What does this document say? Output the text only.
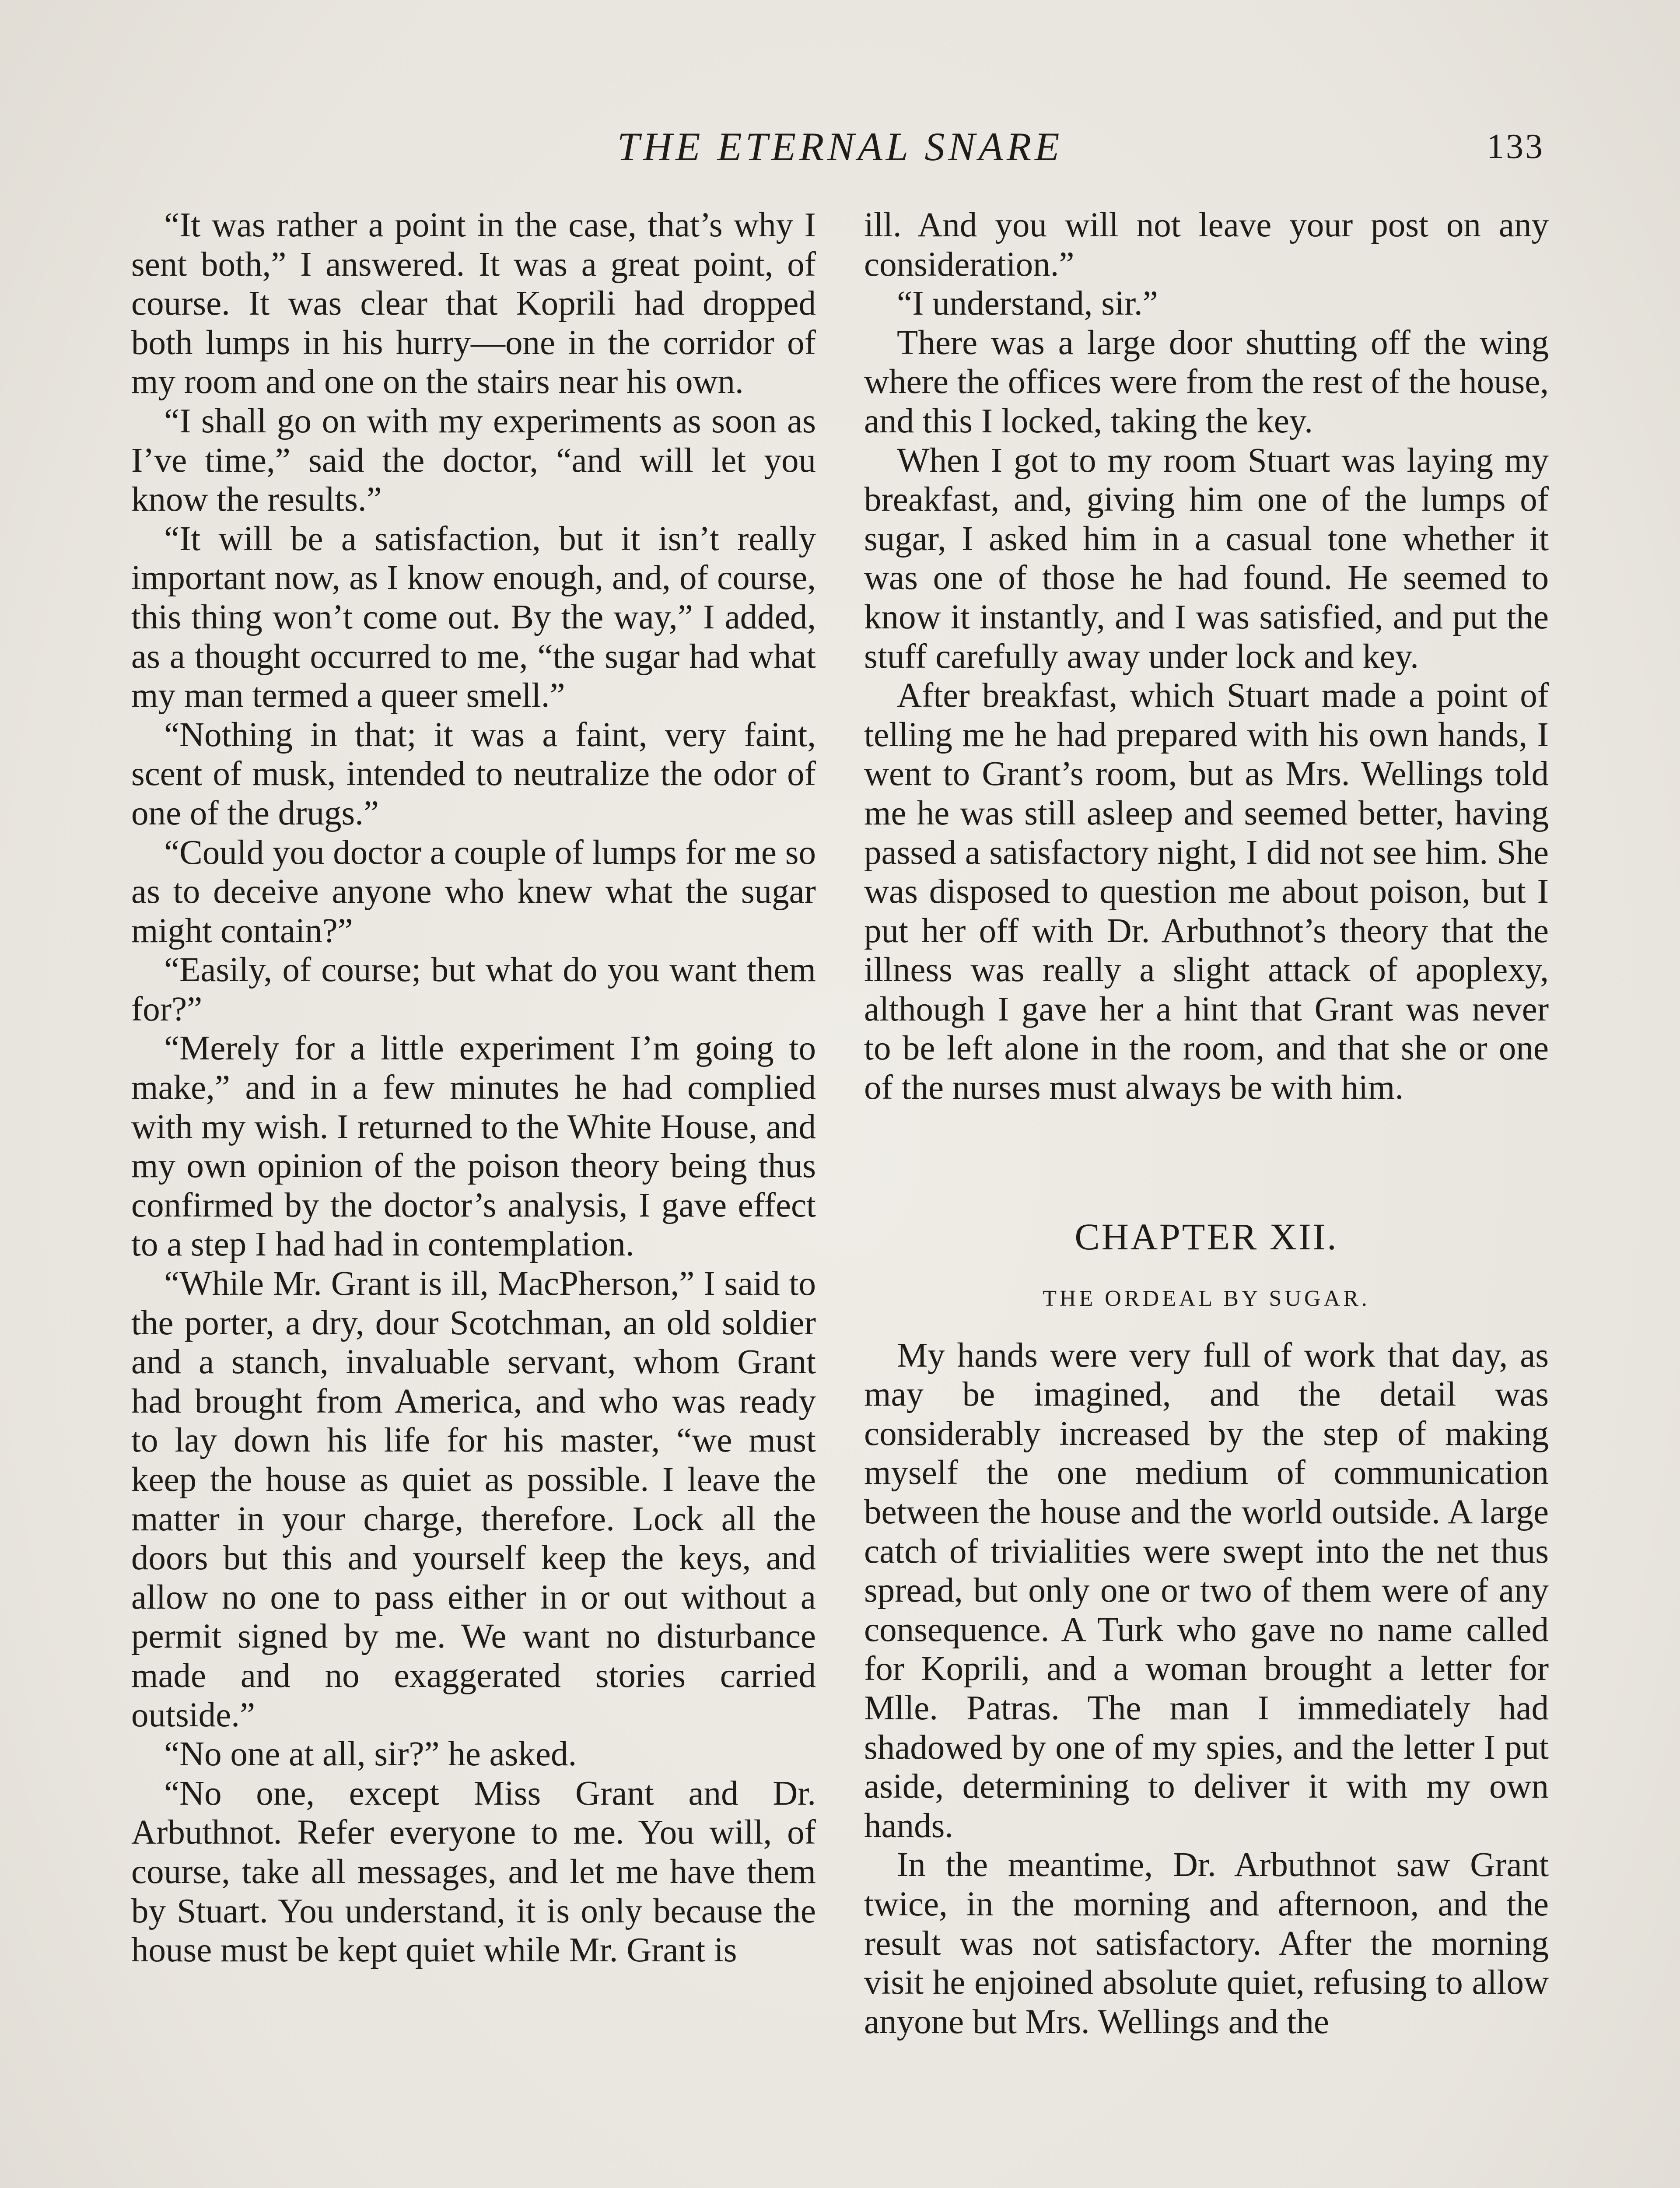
THE ETERNAL SNARE	133

“It was rather a point in the case, that’s why I sent both,” I answered. It was a great point, of course. It was clear that Koprili had dropped both lumps in his hurry—one in the corridor of my room and one on the stairs near his own.

“I shall go on with my experiments as soon as I’ve time,” said the doctor, “and will let you know the results.”

“It will be a satisfaction, but it isn’t really important now, as I know enough, and, of course, this thing won’t come out. By the way,” I added, as a thought occurred to me, “the sugar had what my man termed a queer smell.”

“Nothing in that; it was a faint, very faint, scent of musk, intended to neutralize the odor of one of the drugs.”

“Could you doctor a couple of lumps for me so as to deceive anyone who knew what the sugar might contain?”

“Easily, of course; but what do you want them for?”

“Merely for a little experiment I’m going to make,” and in a few minutes he had complied with my wish. I returned to the White House, and my own opinion of the poison theory being thus confirmed by the doctor’s analysis, I gave effect to a step I had had in contemplation.

“While Mr. Grant is ill, MacPherson,” I said to the porter, a dry, dour Scotchman, an old soldier and a stanch, invaluable servant, whom Grant had brought from America, and who was ready to lay down his life for his master, “we must keep the house as quiet as possible. I leave the matter in your charge, therefore. Lock all the doors but this and yourself keep the keys, and allow no one to pass either in or out without a permit signed by me. We want no disturbance made and no exaggerated stories carried outside.”

“No one at all, sir?” he asked.

“No one, except Miss Grant and Dr. Arbuthnot. Refer everyone to me. You will, of course, take all messages, and let me have them by Stuart. You understand, it is only because the house must be kept quiet while Mr. Grant is

ill. And you will not leave your post on any consideration.”

“I understand, sir.”

There was a large door shutting off the wing where the offices were from the rest of the house, and this I locked, taking the key.

When I got to my room Stuart was laying my breakfast, and, giving him one of the lumps of sugar, I asked him in a casual tone whether it was one of those he had found. He seemed to know it instantly, and I was satisfied, and put the stuff carefully away under lock and key.

After breakfast, which Stuart made a point of telling me he had prepared with his own hands, I went to Grant’s room, but as Mrs. Wellings told me he was still asleep and seemed better, having passed a satisfactory night, I did not see him. She was disposed to question me about poison, but I put her off with Dr. Arbuthnot’s theory that the illness was really a slight attack of apoplexy, although I gave her a hint that Grant was never to be left alone in the room, and that she or one of the nurses must always be with him.

CHAPTER XII.
THE ORDEAL BY SUGAR.

My hands were very full of work that day, as may be imagined, and the detail was considerably increased by the step of making myself the one medium of communication between the house and the world outside. A large catch of trivialities were swept into the net thus spread, but only one or two of them were of any consequence. A Turk who gave no name called for Koprili, and a woman brought a letter for Mlle. Patras. The man I immediately had shadowed by one of my spies, and the letter I put aside, determining to deliver it with my own hands.

In the meantime, Dr. Arbuthnot saw Grant twice, in the morning and afternoon, and the result was not satisfactory. After the morning visit he enjoined absolute quiet, refusing to allow anyone but Mrs. Wellings and the
